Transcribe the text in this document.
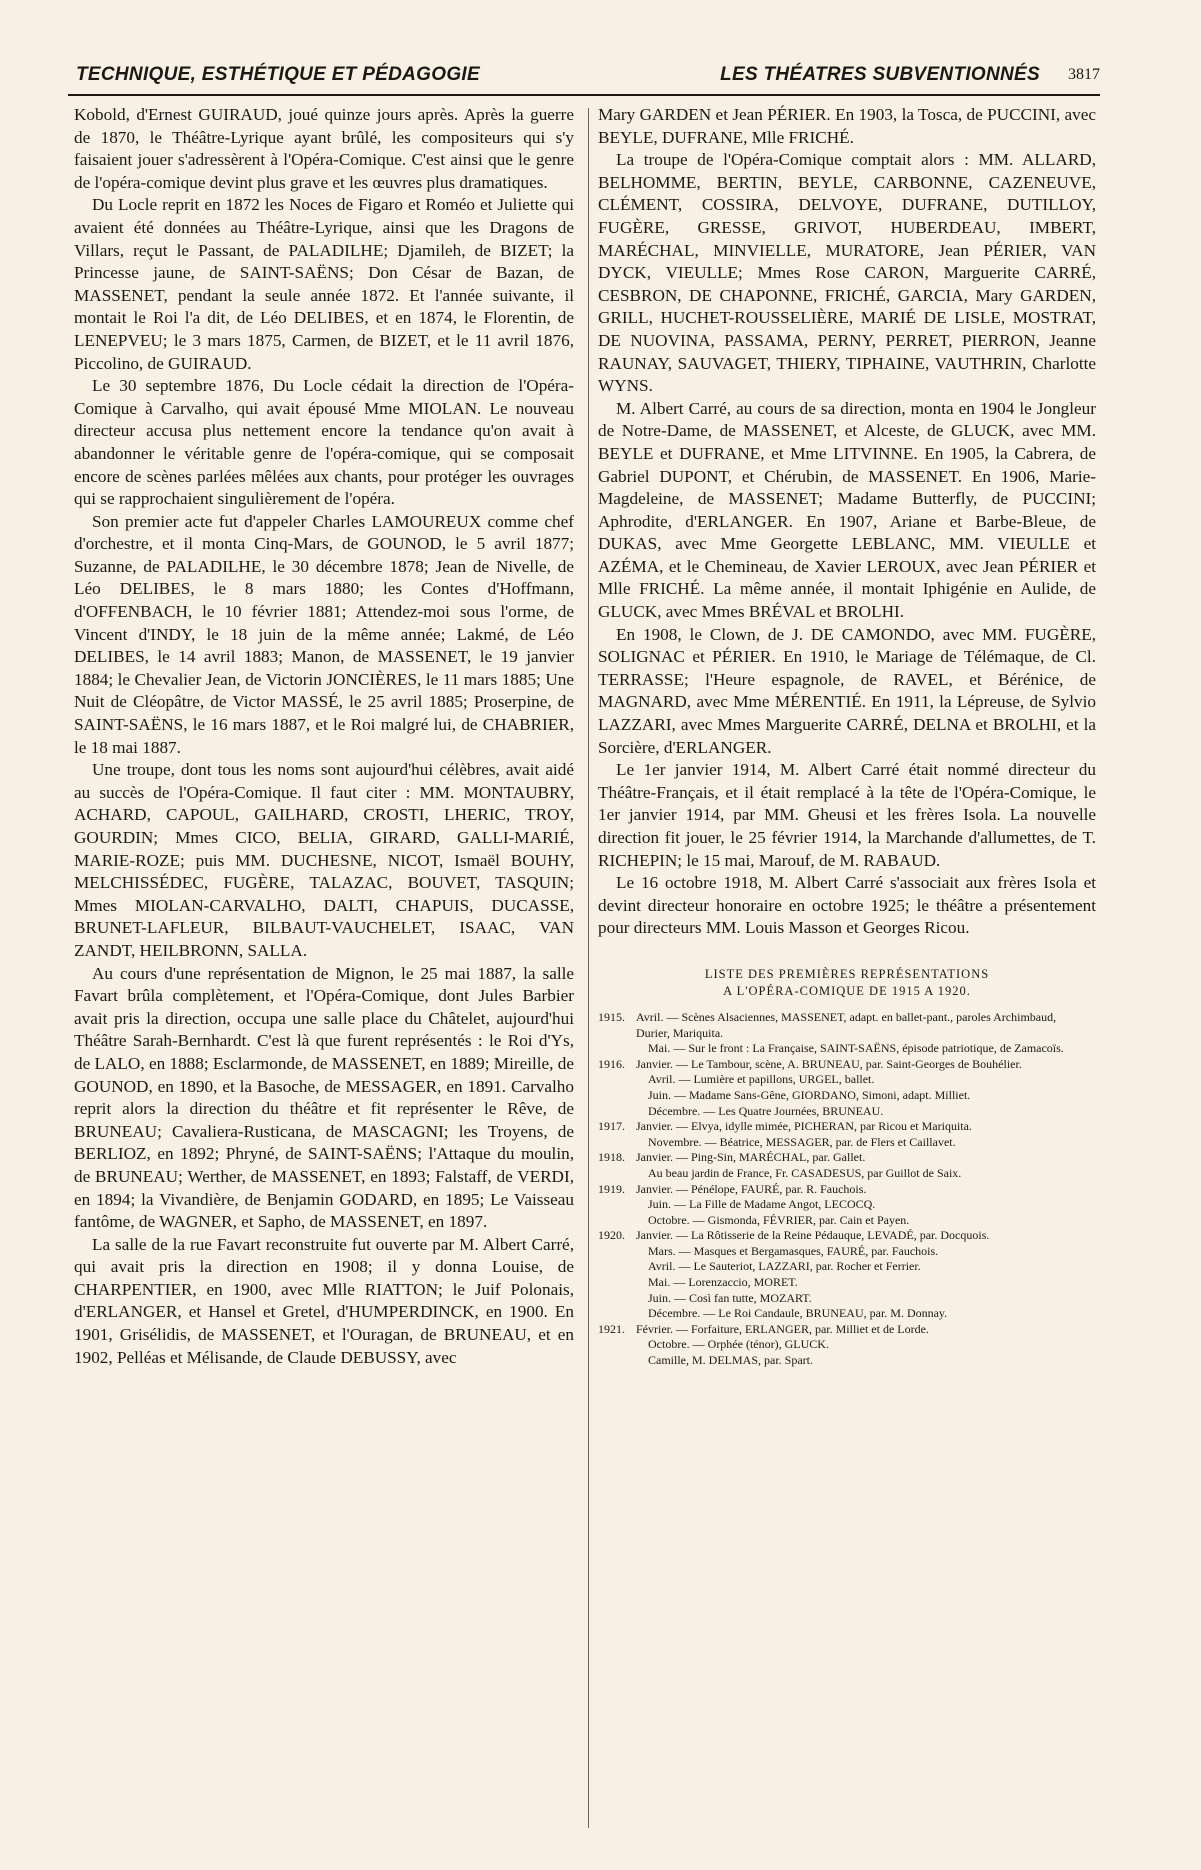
TECHNIQUE, ESTHÉTIQUE ET PÉDAGOGIE	LES THÉATRES SUBVENTIONNÉS 3817

Kobold, d'Ernest GUIRAUD, joué quinze jours après. Après la guerre de 1870, le Théâtre-Lyrique ayant brûlé, les compositeurs qui s'y faisaient jouer s'adressèrent à l'Opéra-Comique. C'est ainsi que le genre de l'opéra-comique devint plus grave et les œuvres plus dramatiques.

Du Locle reprit en 1872 les Noces de Figaro et Roméo et Juliette qui avaient été données au Théâtre-Lyrique, ainsi que les Dragons de Villars, reçut le Passant, de PALADILHE; Djamileh, de BIZET; la Princesse jaune, de SAINT-SAËNS; Don César de Bazan, de MASSENET, pendant la seule année 1872. Et l'année suivante, il montait le Roi l'a dit, de Léo DELIBES, et en 1874, le Florentin, de LENEPVEU; le 3 mars 1875, Carmen, de BIZET, et le 11 avril 1876, Piccolino, de GUIRAUD.

Le 30 septembre 1876, Du Locle cédait la direction de l'Opéra-Comique à Carvalho, qui avait épousé Mme MIOLAN. Le nouveau directeur accusa plus nettement encore la tendance qu'on avait à abandonner le véritable genre de l'opéra-comique, qui se composait encore de scènes parlées mêlées aux chants, pour protéger les ouvrages qui se rapprochaient singulièrement de l'opéra.

Son premier acte fut d'appeler Charles LAMOUREUX comme chef d'orchestre, et il monta Cinq-Mars, de GOUNOD, le 5 avril 1877; Suzanne, de PALADILHE, le 30 décembre 1878; Jean de Nivelle, de Léo DELIBES, le 8 mars 1880; les Contes d'Hoffmann, d'OFFENBACH, le 10 février 1881; Attendez-moi sous l'orme, de Vincent d'INDY, le 18 juin de la même année; Lakmé, de Léo DELIBES, le 14 avril 1883; Manon, de MASSENET, le 19 janvier 1884; le Chevalier Jean, de Victorin JONCIÈRES, le 11 mars 1885; Une Nuit de Cléopâtre, de Victor MASSÉ, le 25 avril 1885; Proserpine, de SAINT-SAËNS, le 16 mars 1887, et le Roi malgré lui, de CHABRIER, le 18 mai 1887.

Une troupe, dont tous les noms sont aujourd'hui célèbres, avait aidé au succès de l'Opéra-Comique. Il faut citer : MM. MONTAUBRY, ACHARD, CAPOUL, GAILHARD, CROSTI, LHERIC, TROY, GOURDIN; Mmes CICO, BELIA, GIRARD, GALLI-MARIÉ, MARIE-ROZE; puis MM. DUCHESNE, NICOT, Ismaël BOUHY, MELCHISSÉDEC, FUGÈRE, TALAZAC, BOUVET, TASQUIN; Mmes MIOLAN-CARVALHO, DALTI, CHAPUIS, DUCASSE, BRUNET-LAFLEUR, BILBAUT-VAUCHELET, ISAAC, VAN ZANDT, HEILBRONN, SALLA.

Au cours d'une représentation de Mignon, le 25 mai 1887, la salle Favart brûla complètement, et l'Opéra-Comique, dont Jules Barbier avait pris la direction, occupa une salle place du Châtelet, aujourd'hui Théâtre Sarah-Bernhardt. C'est là que furent représentés : le Roi d'Ys, de LALO, en 1888; Esclarmonde, de MASSENET, en 1889; Mireille, de GOUNOD, en 1890, et la Basoche, de MESSAGER, en 1891. Carvalho reprit alors la direction du théâtre et fit représenter le Rêve, de BRUNEAU; Cavaliera-Rusticana, de MASCAGNI; les Troyens, de BERLIOZ, en 1892; Phryné, de SAINT-SAËNS; l'Attaque du moulin, de BRUNEAU; Werther, de MASSENET, en 1893; Falstaff, de VERDI, en 1894; la Vivandière, de Benjamin GODARD, en 1895; Le Vaisseau fantôme, de WAGNER, et Sapho, de MASSENET, en 1897.

La salle de la rue Favart reconstruite fut ouverte par M. Albert Carré, qui avait pris la direction en 1908; il y donna Louise, de CHARPENTIER, en 1900, avec Mlle RIATTON; le Juif Polonais, d'ERLANGER, et Hansel et Gretel, d'HUMPERDINCK, en 1900. En 1901, Grisélidis, de MASSENET, et l'Ouragan, de BRUNEAU, et en 1902, Pelléas et Mélisande, de Claude DEBUSSY, avec

Mary GARDEN et Jean PÉRIER. En 1903, la Tosca, de PUCCINI, avec BEYLE, DUFRANE, Mlle FRICHÉ.

La troupe de l'Opéra-Comique comptait alors : MM. ALLARD, BELHOMME, BERTIN, BEYLE, CARBONNE, CAZENEUVE, CLÉMENT, COSSIRA, DELVOYE, DUFRANE, DUTILLOY, FUGÈRE, GRESSE, GRIVOT, HUBERDEAU, IMBERT, MARÉCHAL, MINVIELLE, MURATORE, Jean PÉRIER, VAN DYCK, VIEULLE; Mmes Rose CARON, Marguerite CARRÉ, CESBRON, DE CHAPONNE, FRICHÉ, GARCIA, Mary GARDEN, GRILL, HUCHET-ROUSSELIÈRE, MARIÉ DE LISLE, MOSTRAT, DE NUOVINA, PASSAMA, PERNY, PERRET, PIERRON, Jeanne RAUNAY, SAUVAGET, THIERY, TIPHAINE, VAUTHRIN, Charlotte WYNS.

M. Albert Carré, au cours de sa direction, monta en 1904 le Jongleur de Notre-Dame, de MASSENET, et Alceste, de GLUCK, avec MM. BEYLE et DUFRANE, et Mme LITVINNE. En 1905, la Cabrera, de Gabriel DUPONT, et Chérubin, de MASSENET. En 1906, Marie-Magdeleine, de MASSENET; Madame Butterfly, de PUCCINI; Aphrodite, d'ERLANGER. En 1907, Ariane et Barbe-Bleue, de DUKAS, avec Mme Georgette LEBLANC, MM. VIEULLE et AZÉMA, et le Chemineau, de Xavier LEROUX, avec Jean PÉRIER et Mlle FRICHÉ. La même année, il montait Iphigénie en Aulide, de GLUCK, avec Mmes BRÉVAL et BROLHI.

En 1908, le Clown, de J. DE CAMONDO, avec MM. FUGÈRE, SOLIGNAC et PÉRIER. En 1910, le Mariage de Télémaque, de Cl. TERRASSE; l'Heure espagnole, de RAVEL, et Bérénice, de MAGNARD, avec Mme MÉRENTIÉ. En 1911, la Lépreuse, de Sylvio LAZZARI, avec Mmes Marguerite CARRÉ, DELNA et BROLHI, et la Sorcière, d'ERLANGER.

Le 1er janvier 1914, M. Albert Carré était nommé directeur du Théâtre-Français, et il était remplacé à la tête de l'Opéra-Comique, le 1er janvier 1914, par MM. Gheusi et les frères Isola. La nouvelle direction fit jouer, le 25 février 1914, la Marchande d'allumettes, de T. RICHEPIN; le 15 mai, Marouf, de M. RABAUD.

Le 16 octobre 1918, M. Albert Carré s'associait aux frères Isola et devint directeur honoraire en octobre 1925; le théâtre a présentement pour directeurs MM. Louis Masson et Georges Ricou.

LISTE DES PREMIÈRES REPRÉSENTATIONS
A L'OPÉRA-COMIQUE DE 1915 A 1920.
1915. Avril. — Scènes Alsaciennes, MASSENET, adapt. en ballet-pant., paroles Archimbaud, Durier, Mariquita.
Mai. — Sur le front : La Française, SAINT-SAËNS, épisode patriotique, de Zamacoïs.
1916. Janvier. — Le Tambour, scène, A. BRUNEAU, par. Saint-Georges de Bouhélier.
Avril. — Lumière et papillons, URGEL, ballet.
Juin. — Madame Sans-Gêne, GIORDANO, Simoni, adapt. Milliet.
Décembre. — Les Quatre Journées, BRUNEAU.
1917. Janvier. — Elvya, idylle mimée, PICHERAN, par Ricou et Mariquita.
Novembre. — Béatrice, MESSAGER, par. de Flers et Caillavet.
1918. Janvier. — Ping-Sin, MARÉCHAL, par. Gallet.
Au beau jardin de France, Fr. CASADESUS, par Guillot de Saix.
1919. Janvier. — Pénélope, FAURÉ, par. R. Fauchois.
Juin. — La Fille de Madame Angot, LECOCQ.
Octobre. — Gismonda, FÉVRIER, par. Cain et Payen.
1920. Janvier. — La Rôtisserie de la Reine Pédauque, LEVADÉ, par. Docquois.
Mars. — Masques et Bergamasques, FAURÉ, par. Fauchois.
Avril. — Le Sauteriot, LAZZARI, par. Rocher et Ferrier.
Mai. — Lorenzaccio, MORET.
Juin. — Così fan tutte, MOZART.
Décembre. — Le Roi Candaule, BRUNEAU, par. M. Donnay.
1921. Février. — Forfaiture, ERLANGER, par. Milliet et de Lorde.
Octobre. — Orphée (ténor), GLUCK.
Camille, M. DELMAS, par. Spart.
